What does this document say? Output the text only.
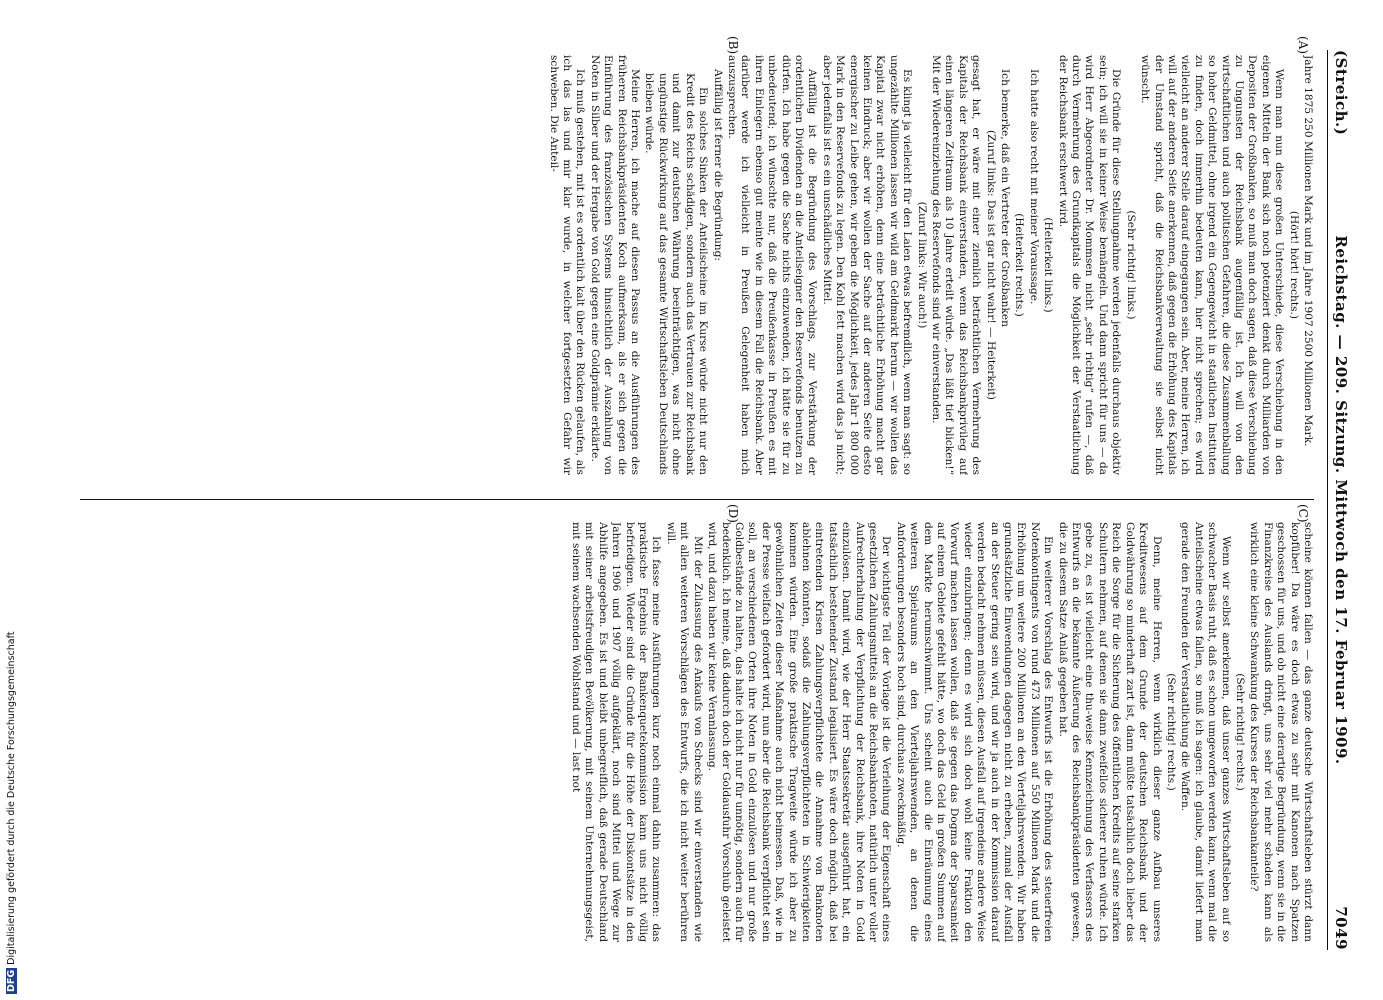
(Streich.)
Reichstag. — 209. Sitzung. Mittwoch den 17. Februar 1909.
7049
(A)
(B)
(C)
(D)

Jahre 1875 250 Millionen Mark und im Jahre 1907 2500 Millionen Mark.

(Hört! hört! rechts.)

Wenn man nun diese großen Unterschiede, diese Verschiebung in den eigenen Mitteln der Bank sich noch potenziert denkt durch Milliarden von Depositen der Großbanken, so muß man doch sagen, daß diese Verschiebung zu Ungunsten der Reichsbank augenfällig ist. Ich will von den wirtschaftlichen und auch politischen Gefahren, die diese Zusammenballung so hoher Geldmittel, ohne irgend ein Gegengewicht in staatlichen Instituten zu finden, doch immerhin bedeuten kann, hier nicht sprechen; es wird vielleicht an anderer Stelle darauf eingegangen sein. Aber, meine Herren, ich will auf der anderen Seite anerkennen, daß gegen die Erhöhung des Kapitals der Umstand spricht, daß die Reichsbankverwaltung sie selbst nicht wünscht.

(Sehr richtig! links.)

Die Gründe für diese Stellungnahme werden jedenfalls durchaus objektiv sein; ich will sie in keiner Weise bemängeln. Und dann spricht für uns — da wird Herr Abgeordneter Dr. Mommsen nicht „sehr richtig“ rufen —, daß durch Vermehrung des Grundkapitals die Möglichkeit der Verstaatlichung der Reichsbank erschwert wird.

(Heiterkeit links.)

Ich hatte also recht mit meiner Voraussage.

(Heiterkeit rechts.)

Ich bemerke, daß ein Vertreter der Großbanken

(Zuruf links: Das ist gar nicht wahr! — Heiterkeit)

gesagt hat, er wäre mit einer ziemlich beträchtlichen Vermehrung des Kapitals der Reichsbank einverstanden, wenn das Reichsbankprivileg auf einen längeren Zeitraum als 10 Jahre erteilt würde. „Das läßt tief blicken!“ Mit der Wiedereinziehung des Reservefonds sind wir einverstanden.

(Zuruf links: Wir auch!)

Es klingt ja vielleicht für den Laien etwas befremdlich, wenn man sagt: so ungezählte Millionen lassen wir wild am Geldmarkt herum — wir wollen das Kapital zwar nicht erhöhen, denn eine beträchtliche Erhöhung macht gar keinen Eindruck; aber wir wollen der Sache auf der anderen Seite desto energischer zu Leibe gehen, wir geben die Möglichkeit, jedes Jahr 1 800 000 Mark in den Reservefonds zu legen. Den Kohl fett machen wird das ja nicht; aber jedenfalls ist es ein unschädliches Mittel.

Auffällig ist die Begründung des Vorschlags, zur Verstärkung der ordentlichen Dividenden an die Anteilseigner den Reservefonds benutzen zu dürfen. Ich habe gegen die Sache nichts einzuwenden, ich hätte sie für zu unbedeutend; ich wünschte nur, daß die Preußenkasse in Preußen es mit ihren Einlegern ebenso gut meinte wie in diesem Fall die Reichsbank. Aber darüber werde ich vielleicht in Preußen Gelegenheit haben mich auszusprechen.

Auffällig ist ferner die Begründung:

Ein solches Sinken der Anteilscheine im Kurse würde nicht nur den Kredit des Reichs schädigen, sondern auch das Vertrauen zur Reichsbank und damit zur deutschen Währung beeinträchtigen, was nicht ohne ungünstige Rückwirkung auf das gesamte Wirtschaftsleben Deutschlands bleiben würde.

Meine Herren, ich mache auf diesen Passus an die Ausführungen des früheren Reichsbankpräsidenten Koch aufmerksam, als er sich gegen die Einführung des französischen Systems hinsichtlich der Auszahlung von Noten in Silber und der Hergabe von Gold gegen eine Goldprämie erklärte.

Ich muß gestehen, mit ist es ordentlich kalt über den Rücken gelaufen, als ich das las und mir klar wurde, in welcher fortgesetzten Gefahr wir schweben. Die Anteil-

scheine können fallen — das ganze deutsche Wirtschaftsleben stürzt dann kopfüber! Da wäre es doch etwas zu sehr mit Kanonen nach Spatzen geschossen für uns, und ob nicht eine derartige Begründung, wenn sie in die Finanzkreise des Auslands dringt, uns sehr viel mehr schaden kann als wirklich eine kleine Schwankung des Kurses der Reichsbankanteile?

(Sehr richtig! rechts.)

Wenn wir selbst anerkennen, daß unser ganzes Wirtschaftsleben auf so schwacher Basis ruht, daß es schon umgeworfen werden kann, wenn mal die Anteilscheine etwas fallen, so muß ich sagen: ich glaube, damit liefert man gerade den Freunden der Verstaatlichung die Waffen.

(Sehr richtig! rechts.)

Denn, meine Herren, wenn wirklich dieser ganze Aufbau unseres Kreditwesens auf dem Grunde der deutschen Reichsbank und der Goldwährung so minderhaft zart ist, dann müßte tatsächlich doch lieber das Reich die Sorge für die Sicherung des öffentlichen Kredits auf seine starken Schultern nehmen, auf denen sie dann zweifellos sicherer ruhen würde. Ich gebe zu, es ist vielleicht eine thu-weise Kennzeichnung des Verfassers des Entwurfs an die bekannte Äußerung des Reichsbankpräsidenten gewesen, die zu diesem Satze Anlaß gegeben hat.

Ein weiterer Vorschlag des Entwurfs ist die Erhöhung des steuerfreien Notenkontingents von rund 473 Millionen auf 550 Millionen Mark und die Erhöhung um weitere 200 Millionen an den Vierteljahrswenden. Wir haben grundsätzliche Einwendungen dagegen nicht zu erheben, zumal der Ausfall an der Steuer gering sein wird, und wir ja auch in der Kommission darauf werden bedacht nehmen müssen, diesen Ausfall auf irgendeine andere Weise wieder einzubringen; denn es wird sich doch wohl keine Fraktion den Vorwurf machen lassen wollen, daß sie gegen das Dogma der Sparsamkeit auf einem Gebiete gefehlt hätte, wo doch das Geld in großen Summen auf dem Markte herumschwimmt. Uns scheint auch die Einräumung eines weiteren Spielraums an den Vierteljahrswenden, an denen die Anforderungen besonders hoch sind, durchaus zweckmäßig.

Der wichtigste Teil der Vorlage ist die Verleihung der Eigenschaft eines gesetzlichen Zahlungsmittels an die Reichsbanknoten, natürlich unter voller Aufrechterhaltung der Verpflichtung der Reichsbank, ihre Noten in Gold einzulösen. Damit wird, wie der Herr Staatssekretär ausgeführt hat, ein tatsächlich bestehender Zustand legalisiert. Es wäre doch möglich, daß bei eintretenden Krisen Zahlungsverpflichtete die Annahme von Banknoten ablehnen könnten, sodaß die Zahlungsverpflichteten in Schwierigkeiten kommen würden. Eine große praktische Tragweite würde ich aber zu gewöhnlichen Zeiten dieser Maßnahme auch nicht beimessen. Daß, wie in der Presse vielfach gefordert wird, nun aber die Reichsbank verpflichtet sein soll, an verschiedenen Orten ihre Noten in Gold einzulösen und nur große Goldbestände zu halten, das halte ich nicht nur für unnötig, sondern auch für bedenklich. Ich meine, daß dadurch doch der Goldausfuhr Vorschub geleistet wird, und dazu haben wir keine Veranlassung.

Mit der Zulassung des Ankaufs von Schecks sind wir einverstanden wie mit allen weiteren Vorschlägen des Entwurfs, die ich nicht weiter berühren will.

Ich fasse meine Ausführungen kurz noch einmal dahin zusammen: das praktische Ergebnis der Bankenquetekommission kann uns nicht völlig befriedigen. Wieder sind die Gründe für die Höhe der Diskontsätze in den Jahren 1906 und 1907 völlig aufgeklärt, noch sind Mittel und Wege zur Abhilfe angegeben. Es ist und bleibt unbegreiflich, daß gerade Deutschland mit seiner arbeitsfreudigen Bevölkerung, mit seinem Unternehmungsgeist, mit seinem wachsenden Wohlstand und — last not

DFGDigitalisierung gefördert durch die Deutsche Forschungsgemeinschaft
